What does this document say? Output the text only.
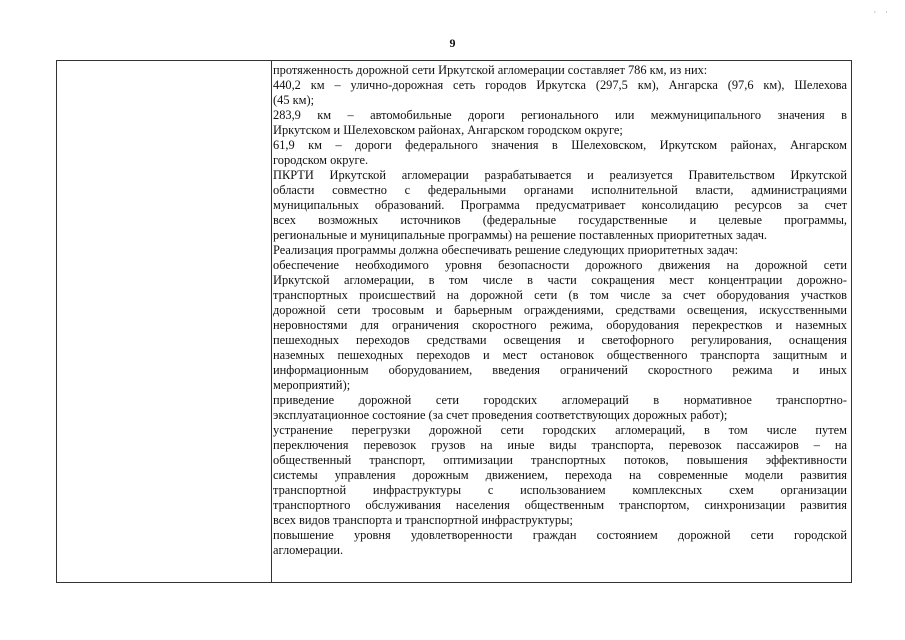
· ·
9
протяженность дорожной сети Иркутской агломерации составляет 786 км, из них:
440,2 км – улично-дорожная сеть городов Иркутска (297,5 км), Ангарска (97,6 км), Шелехова
(45 км);
283,9 км – автомобильные дороги регионального или межмуниципального значения в
Иркутском и Шелеховском районах, Ангарском городском округе;
61,9 км – дороги федерального значения в Шелеховском, Иркутском районах, Ангарском
городском округе.
ПКРТИ Иркутской агломерации разрабатывается и реализуется Правительством Иркутской
области совместно с федеральными органами исполнительной власти, администрациями
муниципальных образований. Программа предусматривает консолидацию ресурсов за счет
всех возможных источников (федеральные государственные и целевые программы,
региональные и муниципальные программы) на решение поставленных приоритетных задач.
Реализация программы должна обеспечивать решение следующих приоритетных задач:
обеспечение необходимого уровня безопасности дорожного движения на дорожной сети
Иркутской агломерации, в том числе в части сокращения мест концентрации дорожно-
транспортных происшествий на дорожной сети (в том числе за счет оборудования участков
дорожной сети тросовым и барьерным ограждениями, средствами освещения, искусственными
неровностями для ограничения скоростного режима, оборудования перекрестков и наземных
пешеходных переходов средствами освещения и светофорного регулирования, оснащения
наземных пешеходных переходов и мест остановок общественного транспорта защитным и
информационным оборудованием, введения ограничений скоростного режима и иных
мероприятий);
приведение дорожной сети городских агломераций в нормативное транспортно-
эксплуатационное состояние (за счет проведения соответствующих дорожных работ);
устранение перегрузки дорожной сети городских агломераций, в том числе путем
переключения перевозок грузов на иные виды транспорта, перевозок пассажиров – на
общественный транспорт, оптимизации транспортных потоков, повышения эффективности
системы управления дорожным движением, перехода на современные модели развития
транспортной инфраструктуры с использованием комплексных схем организации
транспортного обслуживания населения общественным транспортом, синхронизации развития
всех видов транспорта и транспортной инфраструктуры;
повышение уровня удовлетворенности граждан состоянием дорожной сети городской
агломерации.
